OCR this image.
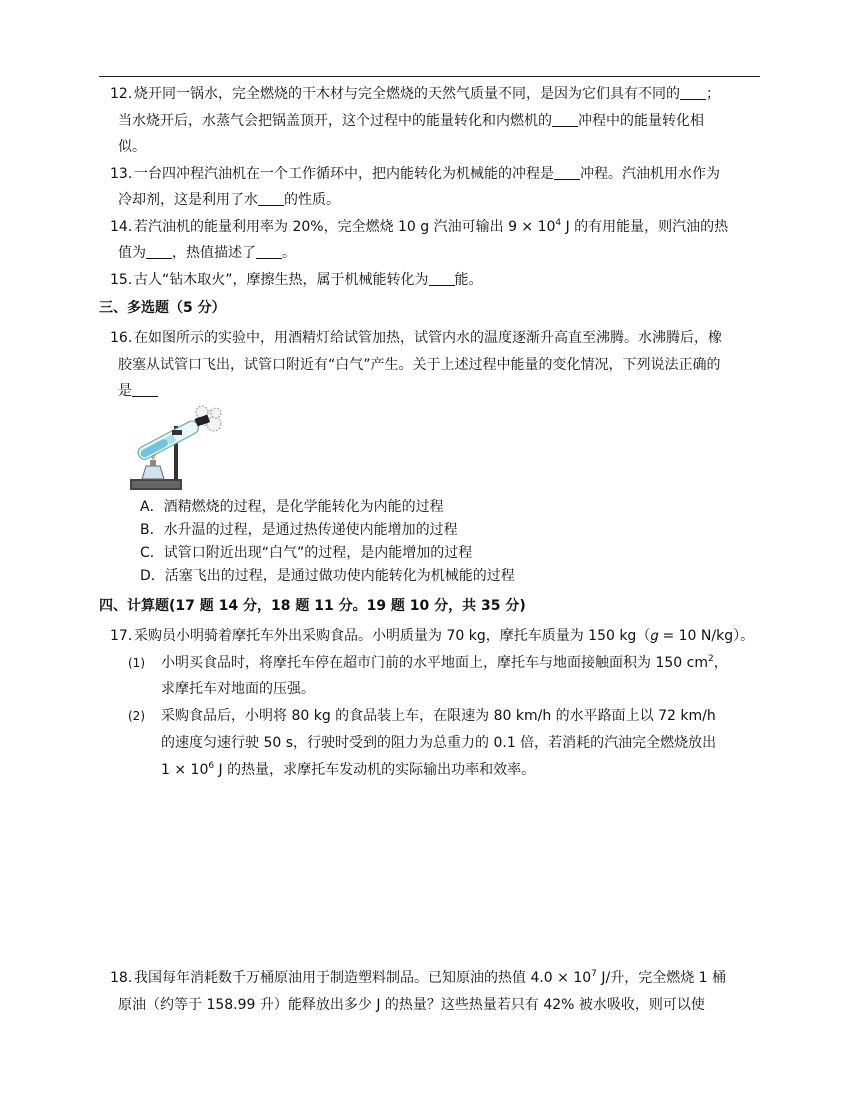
12. 烧开同一锅水，完全燃烧的干木材与完全燃烧的天然气质量不同，是因为它们具有不同的 ；
当水烧开后，水蒸气会把锅盖顶开，这个过程中的能量转化和内燃机的 冲程中的能量转化相
似。
13. 一台四冲程汽油机在一个工作循环中，把内能转化为机械能的冲程是 冲程。汽油机用水作为
冷却剂，这是利用了水 的性质。
14. 若汽油机的能量利用率为 20%，完全燃烧 10 g 汽油可输出 $9 \times 10^4$ J 的有用能量，则汽油的热
值为 ，热值描述了 。
15. 古人“钻木取火”，摩擦生热，属于机械能转化为 能。
三、多选题（5 分）
16. 在如图所示的实验中，用酒精灯给试管加热，试管内水的温度逐渐升高直至沸腾。水沸腾后，橡
胶塞从试管口飞出，试管口附近有“白气”产生。关于上述过程中能量的变化情况，下列说法正确的
是
A．酒精燃烧的过程，是化学能转化为内能的过程
B．水升温的过程，是通过热传递使内能增加的过程
C．试管口附近出现“白气”的过程，是内能增加的过程
D．活塞飞出的过程，是通过做功使内能转化为机械能的过程
四、计算题(17 题 14 分，18 题 11 分。19 题 10 分，共 35 分)
17. 采购员小明骑着摩托车外出采购食品。小明质量为 70 kg，摩托车质量为 150 kg（𝑔 = 10 N/kg）。
(1) 小明买食品时，将摩托车停在超市门前的水平地面上，摩托车与地面接触面积为 150 $cm^2$，
求摩托车对地面的压强。
(2) 采购食品后，小明将 80 kg 的食品装上车，在限速为 80 km/h 的水平路面上以 72 km/h
的速度匀速行驶 50 s，行驶时受到的阻力为总重力的 0.1 倍，若消耗的汽油完全燃烧放出
$1 \times 10^6$ J 的热量，求摩托车发动机的实际输出功率和效率。
18. 我国每年消耗数千万桶原油用于制造塑料制品。已知原油的热值 $4.0 \times 10^7$ J/升，完全燃烧 1 桶
原油（约等于 158.99 升）能释放出多少 J 的热量？这些热量若只有 42% 被水吸收，则可以使
